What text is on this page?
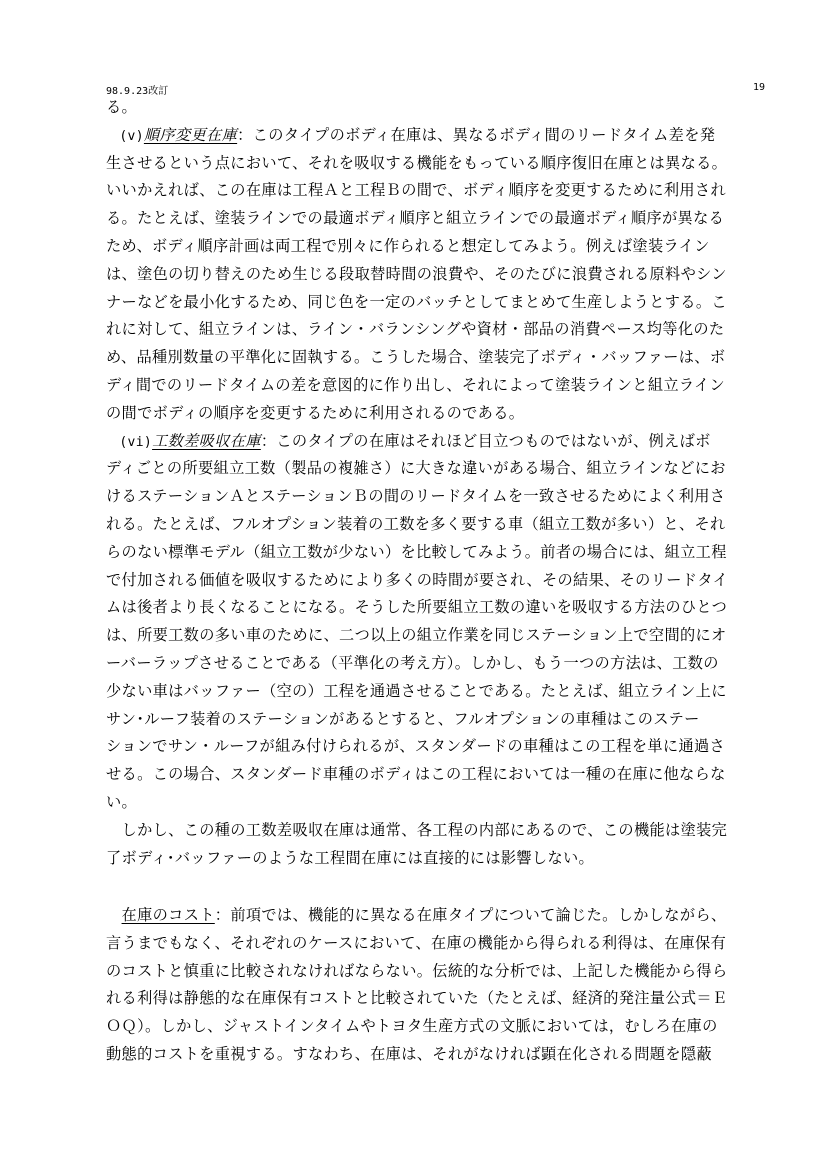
98.9.23改訂	19
る。
　(v)順序変更在庫：このタイプのボディ在庫は、異なるボディ間のリードタイム差を発
生させるという点において、それを吸収する機能をもっている順序復旧在庫とは異なる。
いいかえれば、この在庫は工程Ａと工程Ｂの間で、ボディ順序を変更するために利用され
る。たとえば、塗装ラインでの最適ボディ順序と組立ラインでの最適ボディ順序が異なる
ため、ボディ順序計画は両工程で別々に作られると想定してみよう。例えば塗装ライン
は、塗色の切り替えのため生じる段取替時間の浪費や、そのたびに浪費される原料やシン
ナーなどを最小化するため、同じ色を一定のバッチとしてまとめて生産しようとする。こ
れに対して、組立ラインは、ライン・バランシングや資材・部品の消費ペース均等化のた
め、品種別数量の平準化に固執する。こうした場合、塗装完了ボディ・バッファーは、ボ
ディ間でのリードタイムの差を意図的に作り出し、それによって塗装ラインと組立ライン
の間でボディの順序を変更するために利用されるのである。
　(vi)工数差吸収在庫：このタイプの在庫はそれほど目立つものではないが、例えばボ
ディごとの所要組立工数（製品の複雑さ）に大きな違いがある場合、組立ラインなどにお
けるステーションＡとステーションＢの間のリードタイムを一致させるためによく利用さ
れる。たとえば、フルオプション装着の工数を多く要する車（組立工数が多い）と、それ
らのない標準モデル（組立工数が少ない）を比較してみよう。前者の場合には、組立工程
で付加される価値を吸収するためにより多くの時間が要され、その結果、そのリードタイ
ムは後者より長くなることになる。そうした所要組立工数の違いを吸収する方法のひとつ
は、所要工数の多い車のために、二つ以上の組立作業を同じステーション上で空間的にオ
ーバーラップさせることである（平準化の考え方）。しかし、もう一つの方法は、工数の
少ない車はバッファー（空の）工程を通過させることである。たとえば、組立ライン上に
サン･ルーフ装着のステーションがあるとすると、フルオプションの車種はこのステー
ションでサン・ルーフが組み付けられるが、スタンダードの車種はこの工程を単に通過さ
せる。この場合、スタンダード車種のボディはこの工程においては一種の在庫に他ならな
い。
　しかし、この種の工数差吸収在庫は通常、各工程の内部にあるので、この機能は塗装完
了ボディ･バッファーのような工程間在庫には直接的には影響しない。
　在庫のコスト：前項では、機能的に異なる在庫タイプについて論じた。しかしながら、
言うまでもなく、それぞれのケースにおいて、在庫の機能から得られる利得は、在庫保有
のコストと慎重に比較されなければならない。伝統的な分析では、上記した機能から得ら
れる利得は静態的な在庫保有コストと比較されていた（たとえば、経済的発注量公式＝Ｅ
ＯＱ）。しかし、ジャストインタイムやトヨタ生産方式の文脈においては，むしろ在庫の
動態的コストを重視する。すなわち、在庫は、それがなければ顕在化される問題を隠蔽
